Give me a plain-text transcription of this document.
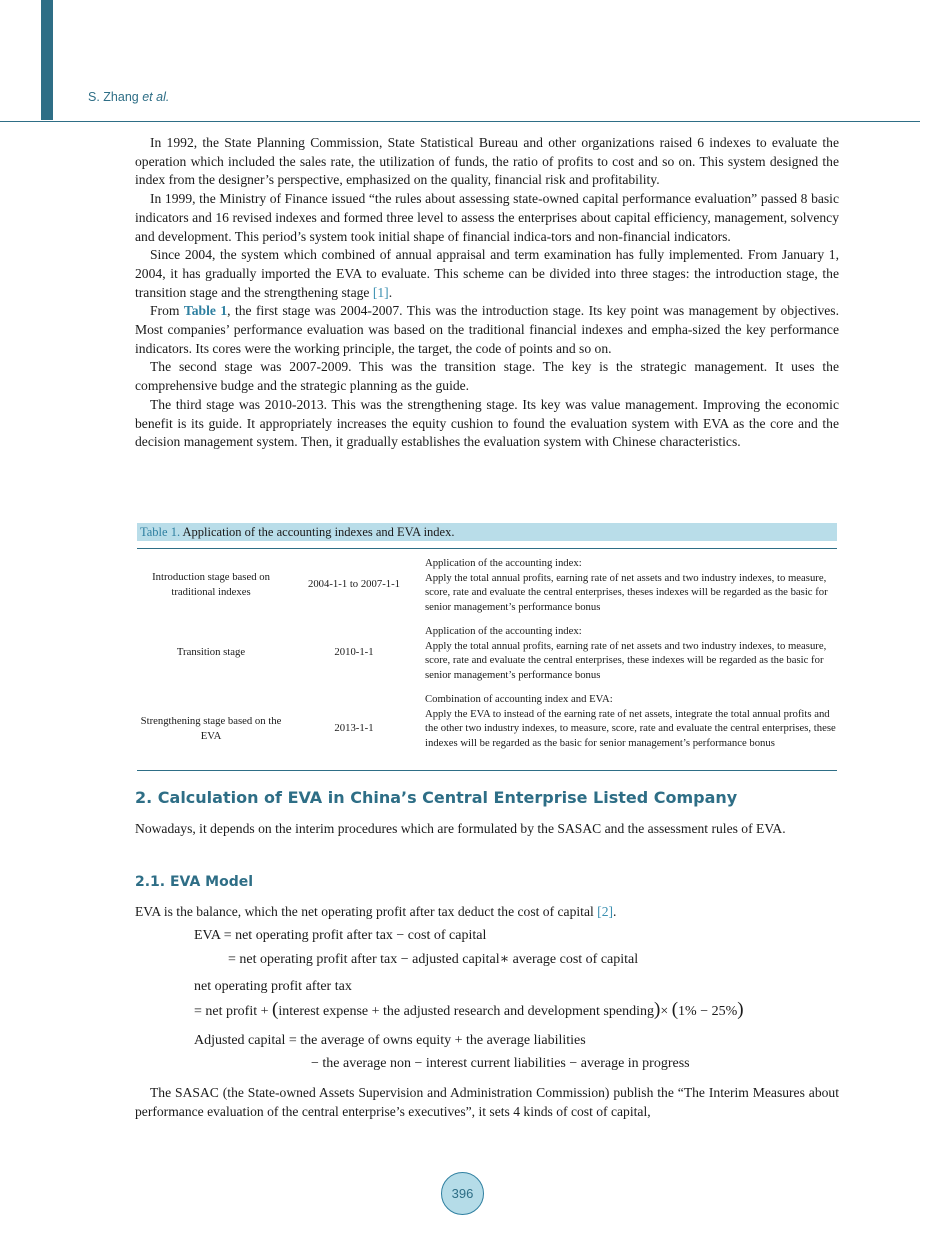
S. Zhang et al.

In 1992, the State Planning Commission, State Statistical Bureau and other organizations raised 6 indexes to evaluate the operation which included the sales rate, the utilization of funds, the ratio of profits to cost and so on. This system designed the index from the designer’s perspective, emphasized on the quality, financial risk and profitability.

In 1999, the Ministry of Finance issued “the rules about assessing state-owned capital performance evaluation” passed 8 basic indicators and 16 revised indexes and formed three level to assess the enterprises about capital efficiency, management, solvency and development. This period’s system took initial shape of financial indica-tors and non-financial indicators.

Since 2004, the system which combined of annual appraisal and term examination has fully implemented. From January 1, 2004, it has gradually imported the EVA to evaluate. This scheme can be divided into three stages: the introduction stage, the transition stage and the strengthening stage [1].

From Table 1, the first stage was 2004-2007. This was the introduction stage. Its key point was management by objectives. Most companies’ performance evaluation was based on the traditional financial indexes and empha-sized the key performance indicators. Its cores were the working principle, the target, the code of points and so on.

The second stage was 2007-2009. This was the transition stage. The key is the strategic management. It uses the comprehensive budge and the strategic planning as the guide.

The third stage was 2010-2013. This was the strengthening stage. Its key was value management. Improving the economic benefit is its guide. It appropriately increases the equity cushion to found the evaluation system with EVA as the core and the decision management system. Then, it gradually establishes the evaluation system with Chinese characteristics.

Table 1. Application of the accounting indexes and EVA index.
Introduction stage based on traditional indexes
2004-1-1 to 2007-1-1
Application of the accounting index:
Apply the total annual profits, earning rate of net assets and two industry indexes, to measure, score, rate and evaluate the central enterprises, theses indexes will be regarded as the basic for senior management’s performance bonus
Transition stage	2010-1-1
Application of the accounting index:
Apply the total annual profits, earning rate of net assets and two industry indexes, to measure, score, rate and evaluate the central enterprises, these indexes will be regarded as the basic for senior management’s performance bonus
Strengthening stage based on the EVA
2013-1-1
Combination of accounting index and EVA:
Apply the EVA to instead of the earning rate of net assets, integrate the total annual profits and the other two industry indexes, to measure, score, rate and evaluate the central enterprises, these indexes will be regarded as the basic for senior management’s performance bonus
2. Calculation of EVA in China’s Central Enterprise Listed Company
Nowadays, it depends on the interim procedures which are formulated by the SASAC and the assessment rules of EVA.
2.1. EVA Model
EVA is the balance, which the net operating profit after tax deduct the cost of capital [2].
EVA = net operating profit after tax − cost of capital
= net operating profit after tax − adjusted capital∗ average cost of capital
net operating profit after tax
= net profit + (interest expense + the adjusted research and development spending)× (1% − 25%)
Adjusted capital = the average of owns equity + the average liabilities
− the average non − interest current liabilities − average in progress

The SASAC (the State-owned Assets Supervision and Administration Commission) publish the “The Interim Measures about performance evaluation of the central enterprise’s executives”, it sets 4 kinds of cost of capital,

396
